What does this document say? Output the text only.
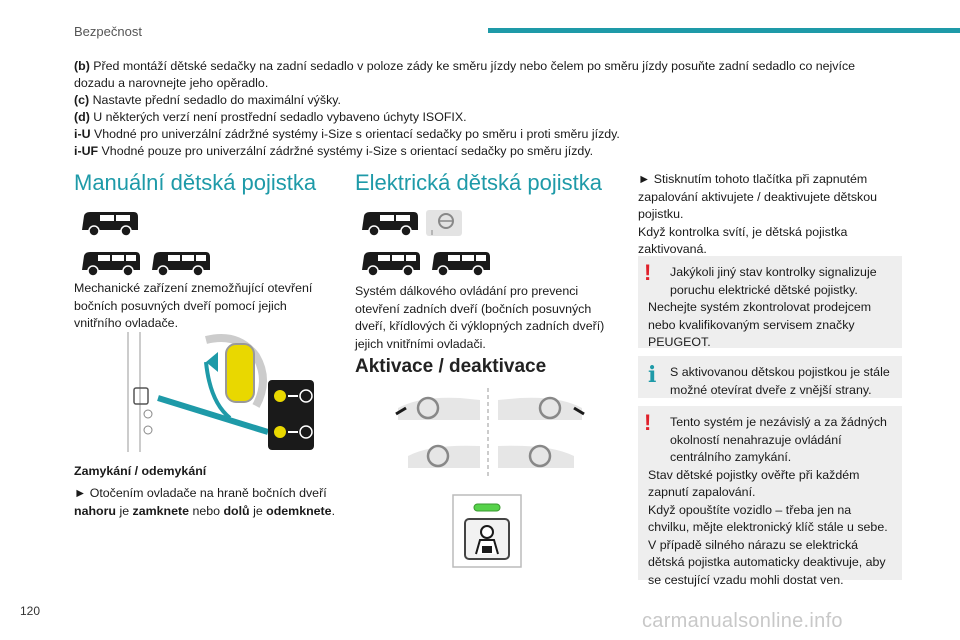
Bezpečnost

(b) Před montáží dětské sedačky na zadní sedadlo v poloze zády ke směru jízdy nebo čelem po směru jízdy posuňte zadní sedadlo co nejvíce dozadu a narovnejte jeho opěradlo.

(c) Nastavte přední sedadlo do maximální výšky.

(d) U některých verzí není prostřední sedadlo vybaveno úchyty ISOFIX.

i-U Vhodné pro univerzální zádržné systémy i-Size s orientací sedačky po směru i proti směru jízdy.

i-UF Vhodné pouze pro univerzální zádržné systémy i-Size s orientací sedačky po směru jízdy.

Manuální dětská pojistka

Mechanické zařízení znemožňující otevření bočních posuvných dveří pomocí jejich vnitřního ovladače.

Zamykání / odemykání

► Otočením ovladače na hraně bočních dveří nahoru je zamknete nebo dolů je odemknete.

Elektrická dětská pojistka

Systém dálkového ovládání pro prevenci otevření zadních dveří (bočních posuvných dveří, křídlových či výklopných zadních dveří) jejich vnitřními ovladači.

Aktivace / deaktivace

► Stisknutím tohoto tlačítka při zapnutém zapalování aktivujete / deaktivujete dětskou pojistku.

Když kontrolka svítí, je dětská pojistka zaktivovaná.

!	Jakýkoli jiný stav kontrolky signalizuje poruchu elektrické dětské pojistky.

Nechejte systém zkontrolovat prodejcem nebo kvalifikovaným servisem značky PEUGEOT.

i	S aktivovanou dětskou pojistkou je stále možné otevírat dveře z vnější strany.

!	Tento systém je nezávislý a za žádných okolností nenahrazuje ovládání centrálního zamykání.

Stav dětské pojistky ověřte při každém zapnutí zapalování.

Když opouštíte vozidlo – třeba jen na chvilku, mějte elektronický klíč stále u sebe.

V případě silného nárazu se elektrická dětská pojistka automaticky deaktivuje, aby se cestující vzadu mohli dostat ven.

120	carmanualsonline.info
